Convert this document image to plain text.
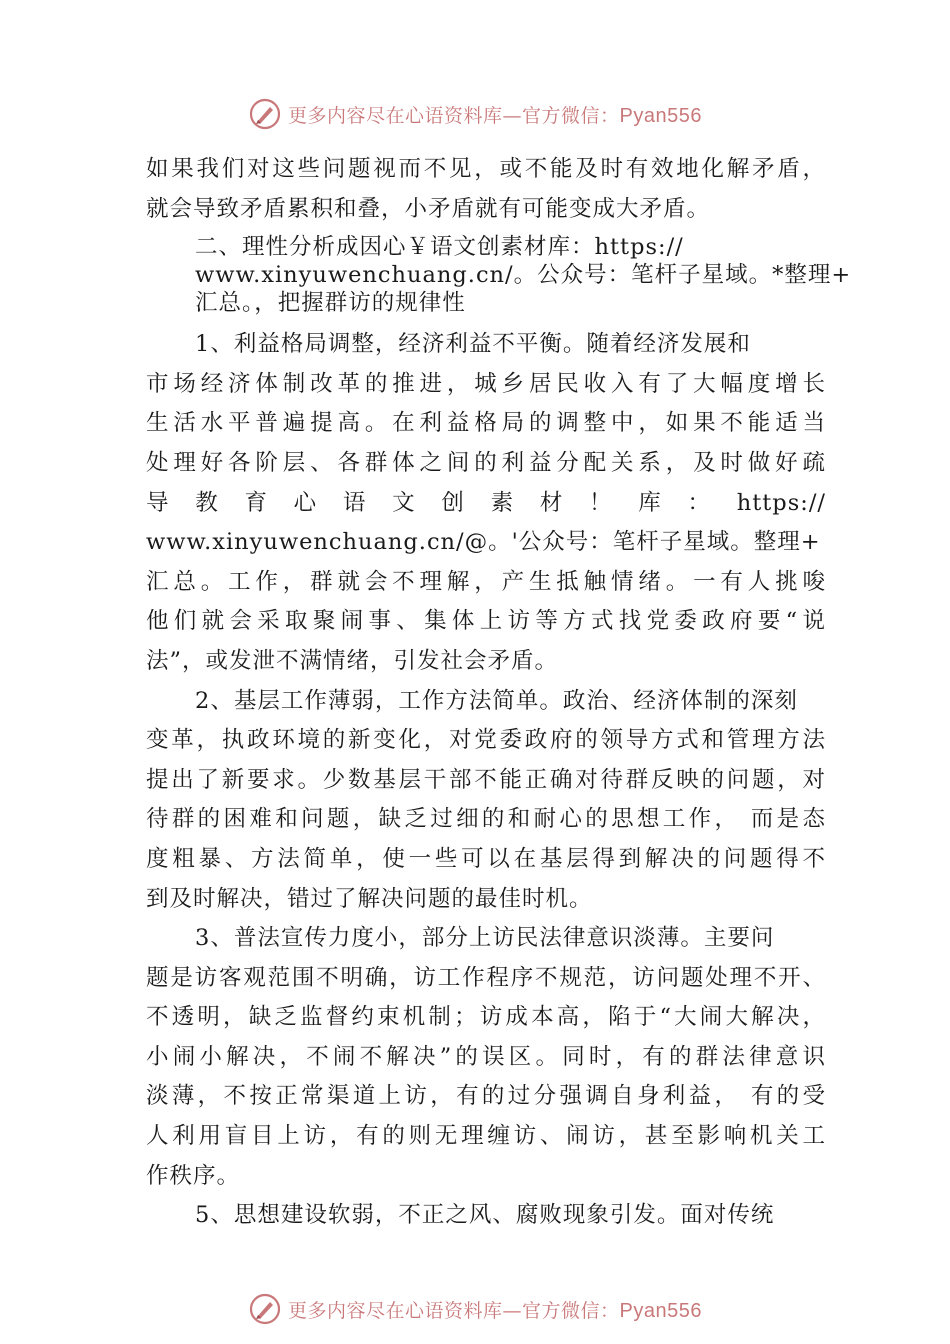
更多内容尽在心语资料库—官方微信：Pyan556
如果我们对这些问题视而不见，或不能及时有效地化解矛盾，
就会导致矛盾累积和叠，小矛盾就有可能变成大矛盾。
二、理性分析成因心￥语文创素材库：https://
www.xinyuwenchuang.cn/。公众号：笔杆子星域。*整理+
汇总。，把握群访的规律性
1、利益格局调整，经济利益不平衡。随着经济发展和
市场经济体制改革的推进，城乡居民收入有了大幅度增长
生活水平普遍提高。在利益格局的调整中，如果不能适当
处理好各阶层、各群体之间的利益分配关系，及时做好疏
导 教 育 心 语 文 创 素 材 ！ 库 ： https://
www.xinyuwenchuang.cn/@。'公众号：笔杆子星域。整理+
汇总。工作，群就会不理解，产生抵触情绪。一有人挑唆
他们就会采取聚闹事、集体上访等方式找党委政府要“说
法”，或发泄不满情绪，引发社会矛盾。
2、基层工作薄弱，工作方法简单。政治、经济体制的深刻
变革，执政环境的新变化，对党委政府的领导方式和管理方法
提出了新要求。少数基层干部不能正确对待群反映的问题，对
待群的困难和问题，缺乏过细的和耐心的思想工作， 而是态
度粗暴、方法简单，使一些可以在基层得到解决的问题得不
到及时解决，错过了解决问题的最佳时机。
3、普法宣传力度小，部分上访民法律意识淡薄。主要问
题是访客观范围不明确，访工作程序不规范，访问题处理不开、
不透明，缺乏监督约束机制；访成本高，陷于“大闹大解决，
小闹小解决，不闹不解决”的误区。同时，有的群法律意识
淡薄，不按正常渠道上访，有的过分强调自身利益， 有的受
人利用盲目上访，有的则无理缠访、闹访，甚至影响机关工
作秩序。
5、思想建设软弱，不正之风、腐败现象引发。面对传统
更多内容尽在心语资料库—官方微信：Pyan556
